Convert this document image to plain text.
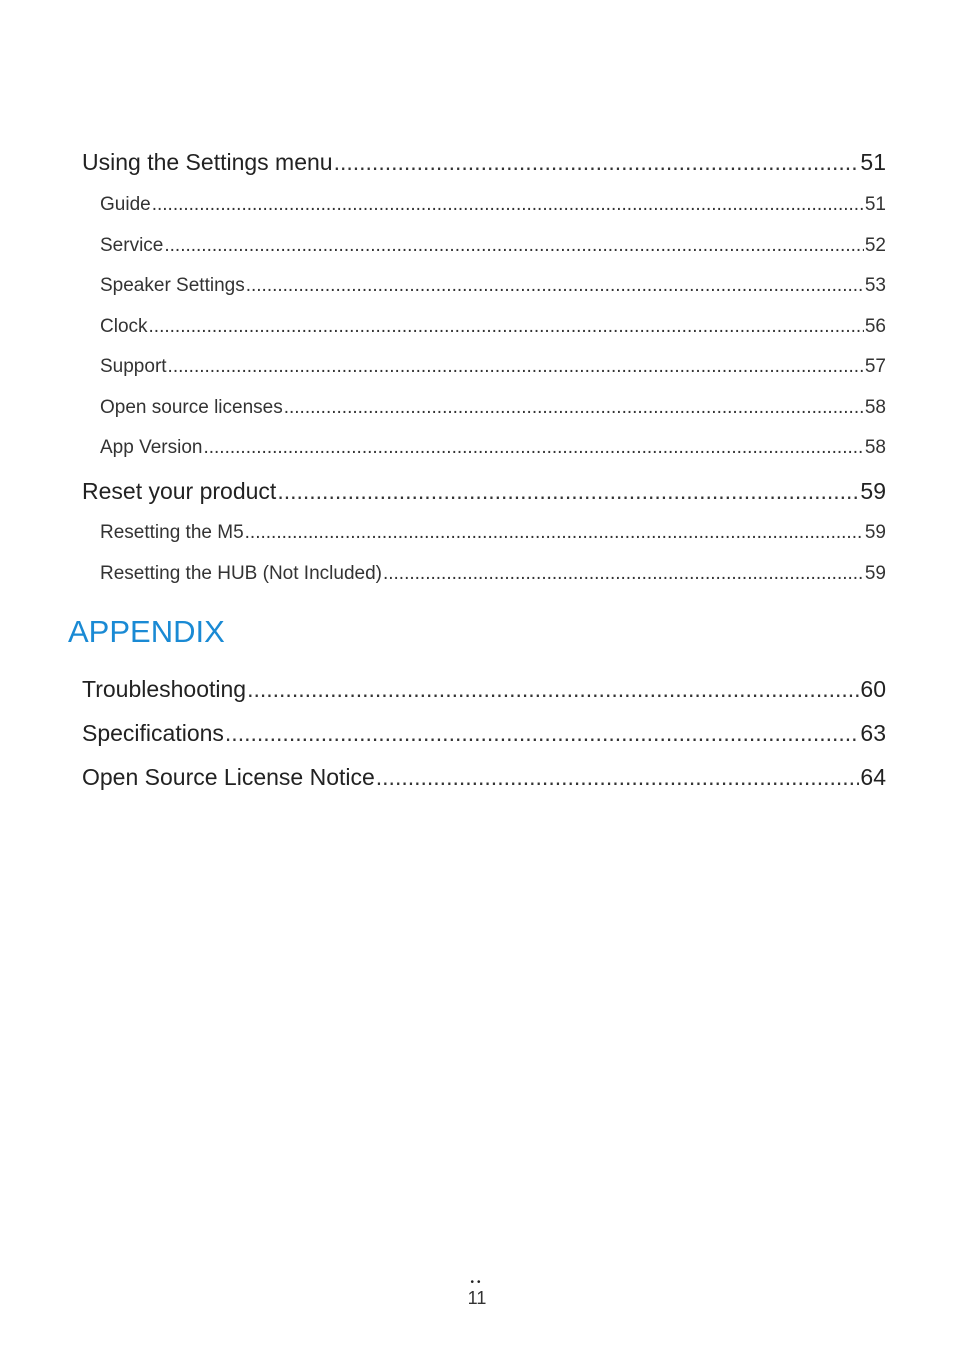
Using the Settings menu .....	51
Guide .....	51
Service .....	52
Speaker Settings .....	53
Clock .....	56
Support .....	57
Open source licenses .....	58
App Version .....	58
Reset your product .....	59
Resetting the M5 .....	59
Resetting the HUB (Not Included) .....	59
APPENDIX
Troubleshooting .....	60
Specifications .....	63
Open Source License Notice .....	64
••
11
